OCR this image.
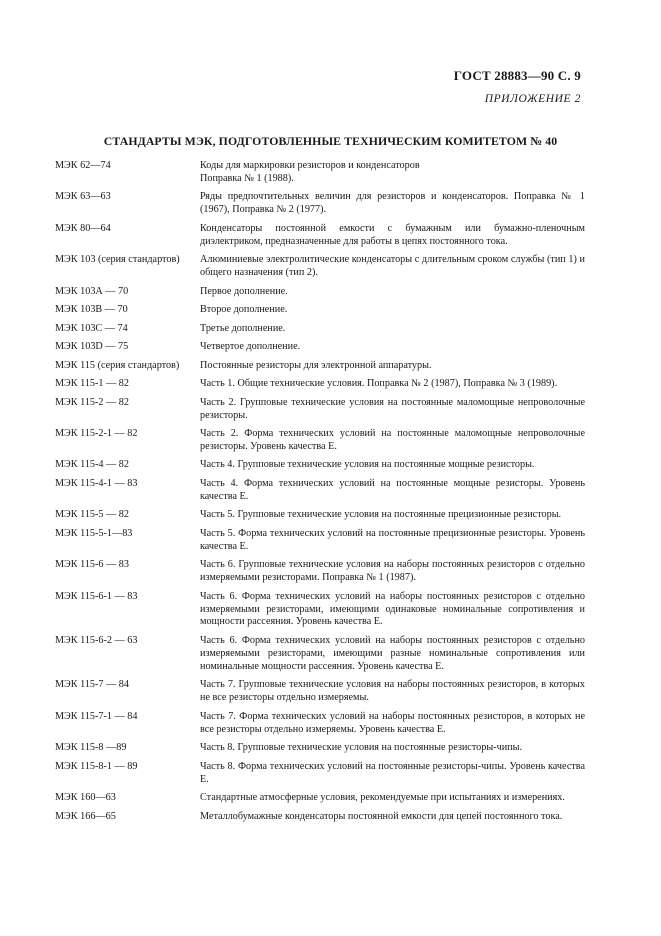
ГОСТ 28883—90 С. 9
ПРИЛОЖЕНИЕ 2
СТАНДАРТЫ МЭК, ПОДГОТОВЛЕННЫЕ ТЕХНИЧЕСКИМ КОМИТЕТОМ № 40
МЭК 62—74	Коды для маркировки резисторов и конденсаторов
Поправка № 1 (1988).
МЭК 63—63	Ряды предпочтительных величин для резисторов и конденсаторов. Поправка № 1 (1967), Поправка № 2 (1977).
МЭК 80—64	Конденсаторы постоянной емкости с бумажным или бумажно-пленочным диэлектриком, предназначенные для работы в цепях постоянного тока.
МЭК 103 (серия стандартов)	Алюминиевые электролитические конденсаторы с длительным сроком службы (тип 1) и общего назначения (тип 2).
МЭК 103А — 70	Первое дополнение.
МЭК 103В — 70	Второе дополнение.
МЭК 103С — 74	Третье дополнение.
МЭК 103D — 75	Четвертое дополнение.
МЭК 115 (серия стандартов)	Постоянные резисторы для электронной аппаратуры.
МЭК 115-1 — 82	Часть 1. Общие технические условия. Поправка № 2 (1987), Поправка № 3 (1989).
МЭК 115-2 — 82	Часть 2. Групповые технические условия на постоянные маломощные непроволочные резисторы.
МЭК 115-2-1 — 82	Часть 2. Форма технических условий на постоянные маломощные непроволочные резисторы. Уровень качества Е.
МЭК 115-4 — 82	Часть 4. Групповые технические условия на постоянные мощные резисторы.
МЭК 115-4-1 — 83	Часть 4. Форма технических условий на постоянные мощные резисторы. Уровень качества Е.
МЭК 115-5 — 82	Часть 5. Групповые технические условия на постоянные прецизионные резисторы.
МЭК 115-5-1—83	Часть 5. Форма технических условий на постоянные прецизионные резисторы. Уровень качества Е.
МЭК 115-6 — 83	Часть 6. Групповые технические условия на наборы постоянных резисторов с отдельно измеряемыми резисторами. Поправка № 1 (1987).
МЭК 115-6-1 — 83	Часть 6. Форма технических условий на наборы постоянных резисторов с отдельно измеряемыми резисторами, имеющими одинаковые номинальные сопротивления и мощности рассеяния. Уровень качества Е.
МЭК 115-6-2 — 63	Часть 6. Форма технических условий на наборы постоянных резисторов с отдельно измеряемыми резисторами, имеющими разные номинальные сопротивления или номинальные мощности рассеяния. Уровень качества Е.
МЭК 115-7 — 84	Часть 7. Групповые технические условия на наборы постоянных резисторов, в которых не все резисторы отдельно измеряемы.
МЭК 115-7-1 — 84	Часть 7. Форма технических условий на наборы постоянных резисторов, в которых не все резисторы отдельно измеряемы. Уровень качества Е.
МЭК 115-8 —89	Часть 8. Групповые технические условия на постоянные резисторы-чипы.
МЭК 115-8-1 — 89	Часть 8. Форма технических условий на постоянные резисторы-чипы. Уровень качества Е.
МЭК 160—63	Стандартные атмосферные условия, рекомендуемые при испытаниях и измерениях.
МЭК 166—65	Металлобумажные конденсаторы постоянной емкости для цепей постоянного тока.
